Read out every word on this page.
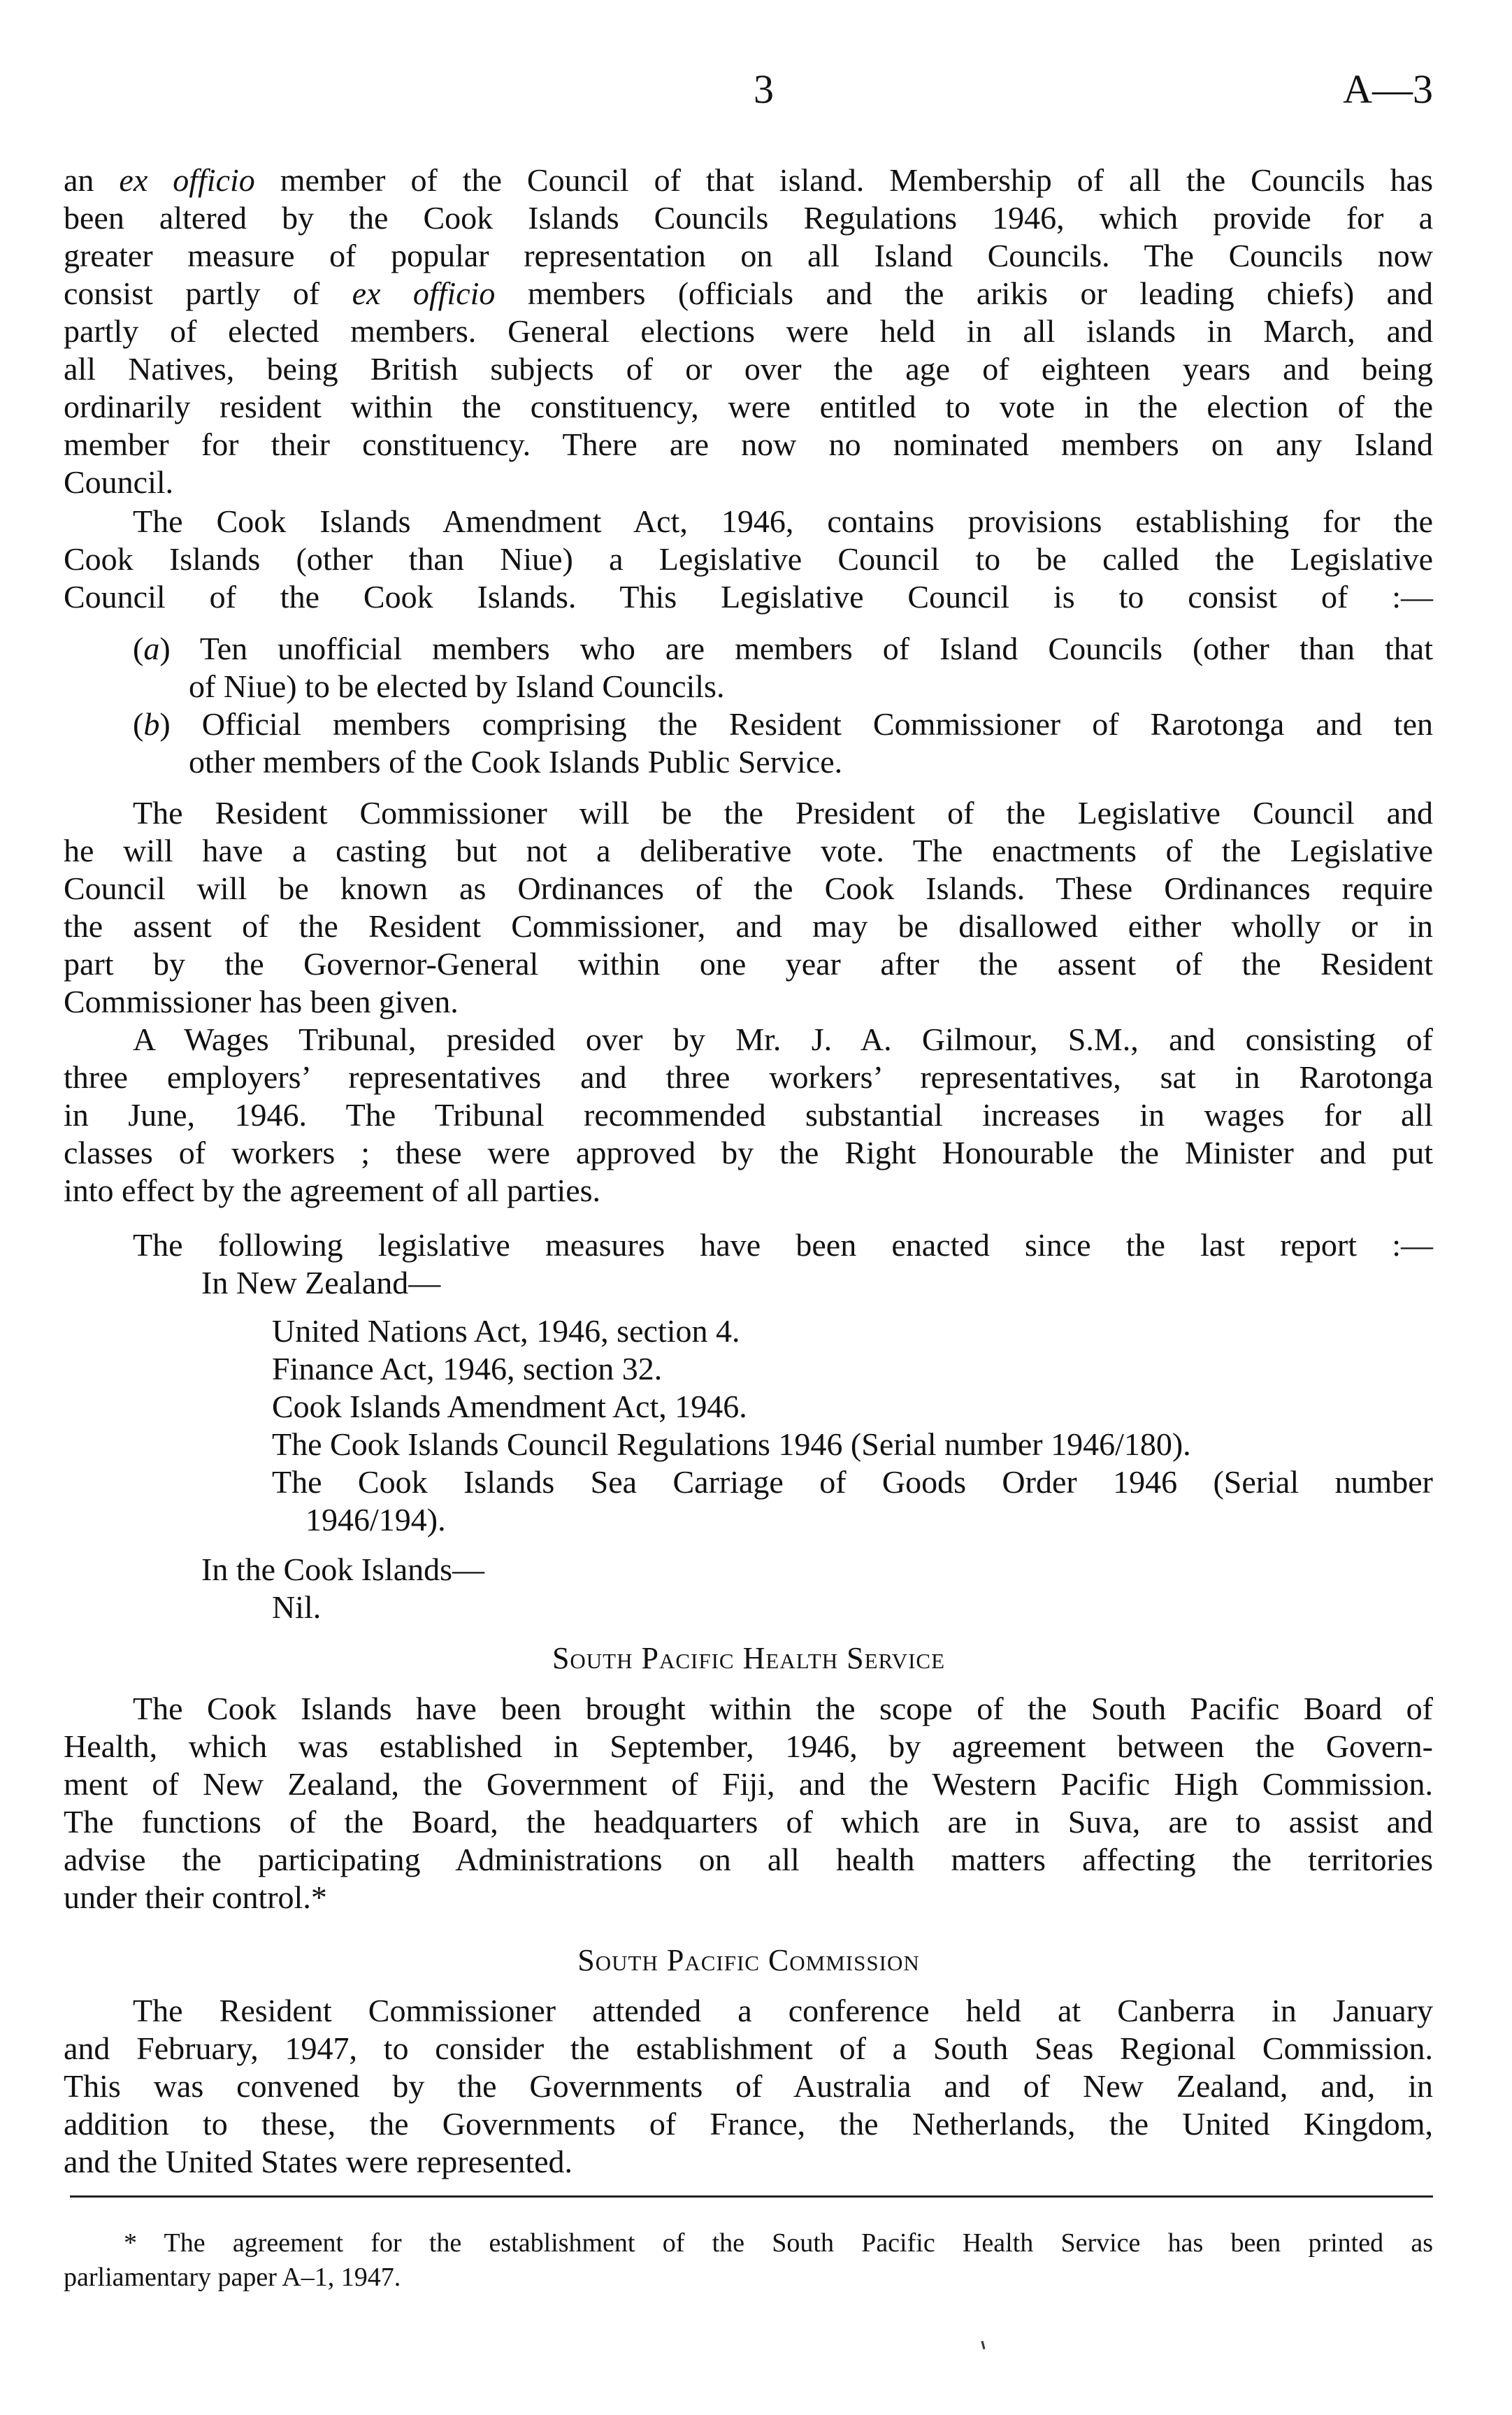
3	A—3
an ex officio member of the Council of that island. Membership of all the Councils has
been altered by the Cook Islands Councils Regulations 1946, which provide for a
greater measure of popular representation on all Island Councils. The Councils now
consist partly of ex officio members (officials and the arikis or leading chiefs) and
partly of elected members. General elections were held in all islands in March, and
all Natives, being British subjects of or over the age of eighteen years and being
ordinarily resident within the constituency, were entitled to vote in the election of the
member for their constituency. There are now no nominated members on any Island
Council.
The Cook Islands Amendment Act, 1946, contains provisions establishing for the
Cook Islands (other than Niue) a Legislative Council to be called the Legislative
Council of the Cook Islands. This Legislative Council is to consist of :—
(a) Ten unofficial members who are members of Island Councils (other than that
of Niue) to be elected by Island Councils.
(b) Official members comprising the Resident Commissioner of Rarotonga and ten
other members of the Cook Islands Public Service.
The Resident Commissioner will be the President of the Legislative Council and
he will have a casting but not a deliberative vote. The enactments of the Legislative
Council will be known as Ordinances of the Cook Islands. These Ordinances require
the assent of the Resident Commissioner, and may be disallowed either wholly or in
part by the Governor-General within one year after the assent of the Resident
Commissioner has been given.
A Wages Tribunal, presided over by Mr. J. A. Gilmour, S.M., and consisting of
three employers’ representatives and three workers’ representatives, sat in Rarotonga
in June, 1946. The Tribunal recommended substantial increases in wages for all
classes of workers ; these were approved by the Right Honourable the Minister and put
into effect by the agreement of all parties.
The following legislative measures have been enacted since the last report :—
In New Zealand—
United Nations Act, 1946, section 4.
Finance Act, 1946, section 32.
Cook Islands Amendment Act, 1946.
The Cook Islands Council Regulations 1946 (Serial number 1946/180).
The Cook Islands Sea Carriage of Goods Order 1946 (Serial number
1946/194).
In the Cook Islands—
Nil.
The Cook Islands have been brought within the scope of the South Pacific Board of
Health, which was established in September, 1946, by agreement between the Govern-
ment of New Zealand, the Government of Fiji, and the Western Pacific High Commission.
The functions of the Board, the headquarters of which are in Suva, are to assist and
advise the participating Administrations on all health matters affecting the territories
under their control.*
The Resident Commissioner attended a conference held at Canberra in January
and February, 1947, to consider the establishment of a South Seas Regional Commission.
This was convened by the Governments of Australia and of New Zealand, and, in
addition to these, the Governments of France, the Netherlands, the United Kingdom,
and the United States were represented.
* The agreement for the establishment of the South Pacific Health Service has been printed as
parliamentary paper A–1, 1947.
South Pacific Health Service
South Pacific Commission
